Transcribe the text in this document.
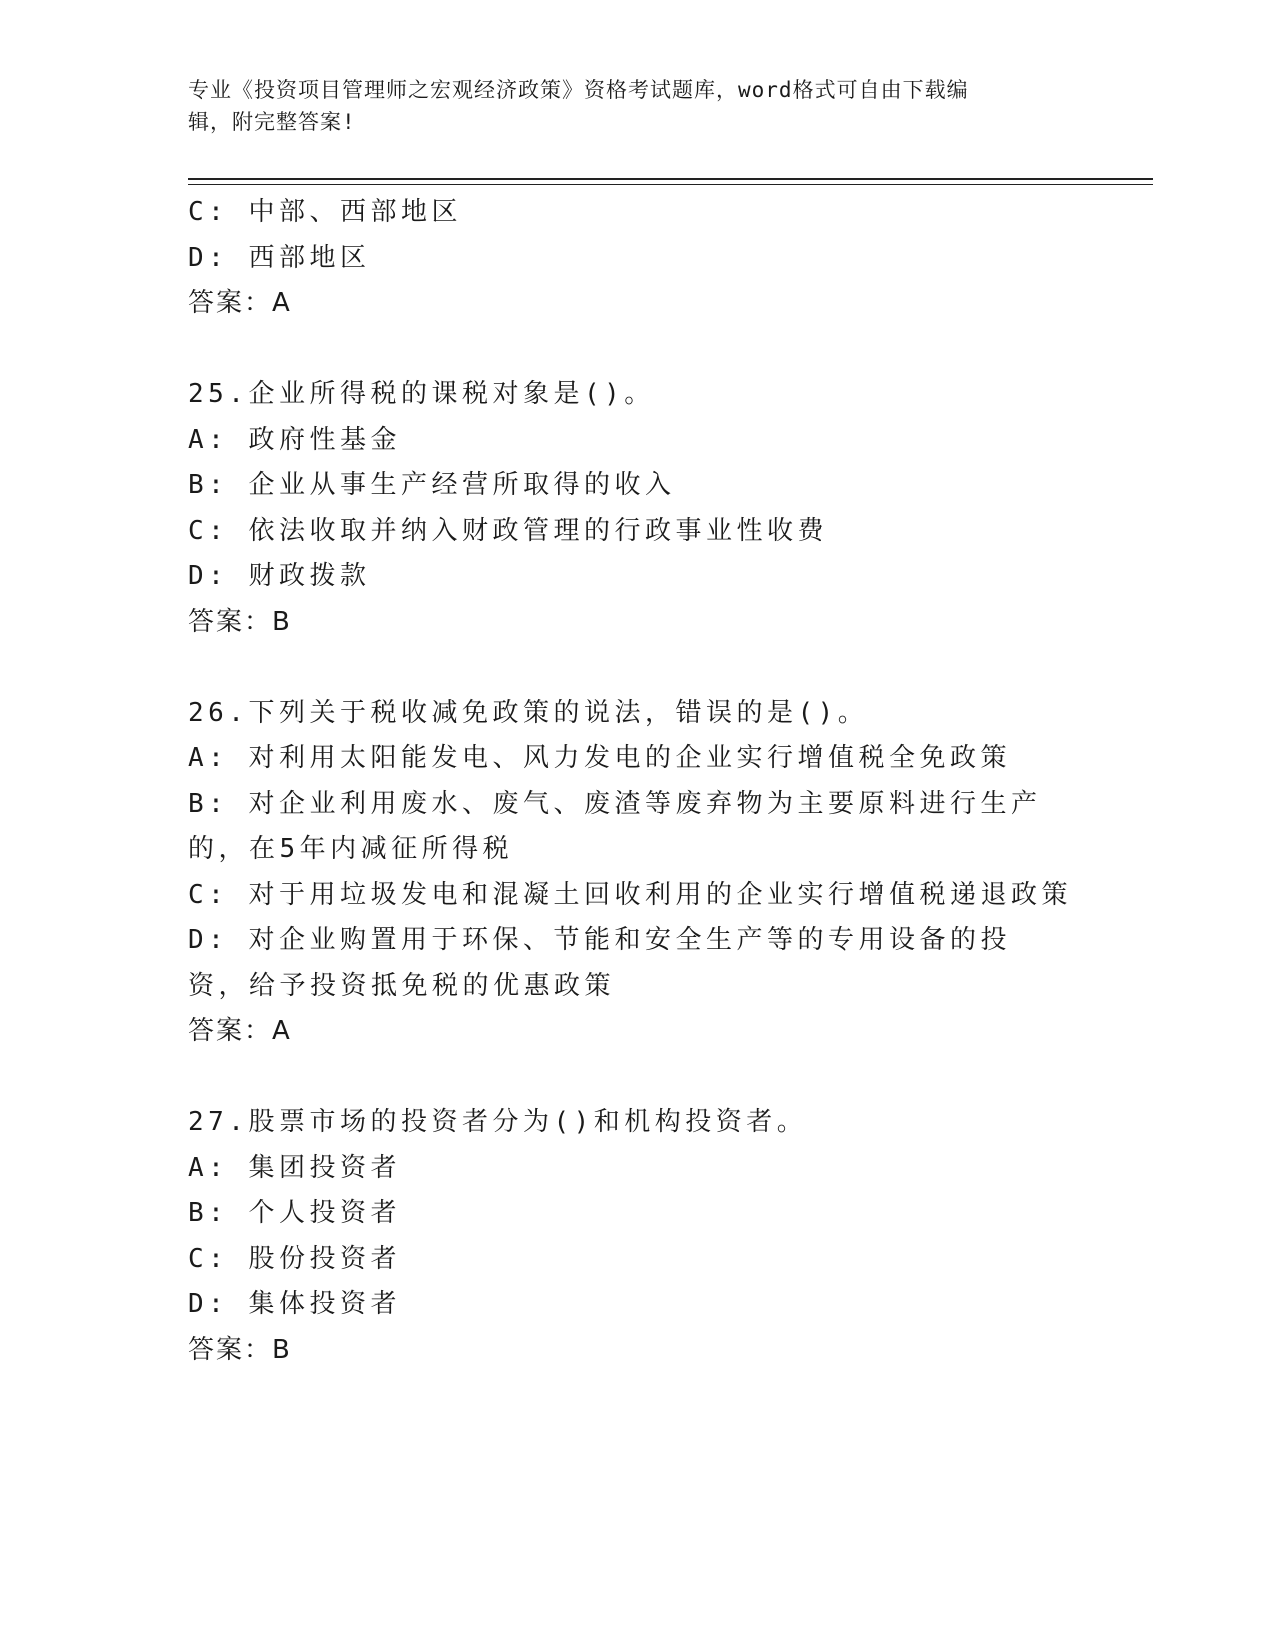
专业《投资项目管理师之宏观经济政策》资格考试题库，word格式可自由下载编
辑，附完整答案!
C: 中部、西部地区
D: 西部地区
答案：A
25.企业所得税的课税对象是()。
A: 政府性基金
B: 企业从事生产经营所取得的收入
C: 依法收取并纳入财政管理的行政事业性收费
D: 财政拨款
答案：B
26.下列关于税收减免政策的说法，错误的是()。
A: 对利用太阳能发电、风力发电的企业实行增值税全免政策
B: 对企业利用废水、废气、废渣等废弃物为主要原料进行生产的，在5年内减征所得税
C: 对于用垃圾发电和混凝土回收利用的企业实行增值税递退政策
D: 对企业购置用于环保、节能和安全生产等的专用设备的投资，给予投资抵免税的优惠政策
答案：A
27.股票市场的投资者分为()和机构投资者。
A: 集团投资者
B: 个人投资者
C: 股份投资者
D: 集体投资者
答案：B
